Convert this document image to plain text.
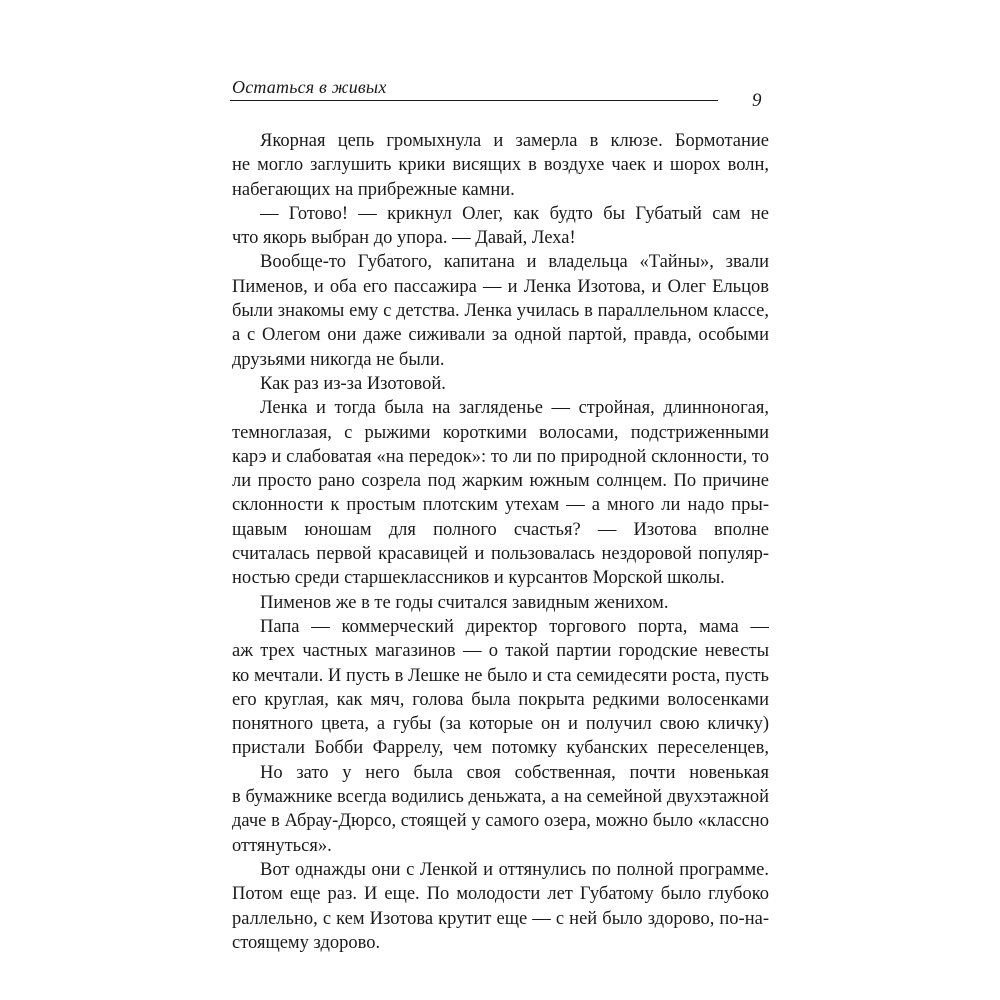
Остаться в живых
9
Якорная цепь громыхнула и замерла в клюзе. Бормотание
не могло заглушить крики висящих в воздухе чаек и шорох волн,
набегающих на прибрежные камни.
— Готово! — крикнул Олег, как будто бы Губатый сам не
что якорь выбран до упора. — Давай, Леха!
Вообще-то Губатого, капитана и владельца «Тайны», звали
Пименов, и оба его пассажира — и Ленка Изотова, и Олег Ельцов
были знакомы ему с детства. Ленка училась в параллельном классе,
а с Олегом они даже сиживали за одной партой, правда, особыми
друзьями никогда не были.
Как раз из-за Изотовой.
Ленка и тогда была на загляденье — стройная, длинноногая,
темноглазая, с рыжими короткими волосами, подстриженными
карэ и слабоватая «на передок»: то ли по природной склонности, то
ли просто рано созрела под жарким южным солнцем. По причине
склонности к простым плотским утехам — а много ли надо пры-
щавым юношам для полного счастья? — Изотова вполне
считалась первой красавицей и пользовалась нездоровой популяр-
ностью среди старшеклассников и курсантов Морской школы.
Пименов же в те годы считался завидным женихом.
Папа — коммерческий директор торгового порта, мама —
аж трех частных магазинов — о такой партии городские невесты
ко мечтали. И пусть в Лешке не было и ста семидесяти роста, пусть
его круглая, как мяч, голова была покрыта редкими волосенками
понятного цвета, а губы (за которые он и получил свою кличку)
пристали Бобби Фаррелу, чем потомку кубанских переселенцев,
Но зато у него была своя собственная, почти новенькая
в бумажнике всегда водились деньжата, а на семейной двухэтажной
даче в Абрау-Дюрсо, стоящей у самого озера, можно было «классно
оттянуться».
Вот однажды они с Ленкой и оттянулись по полной программе.
Потом еще раз. И еще. По молодости лет Губатому было глубоко
раллельно, с кем Изотова крутит еще — с ней было здорово, по-на-
стоящему здорово.
